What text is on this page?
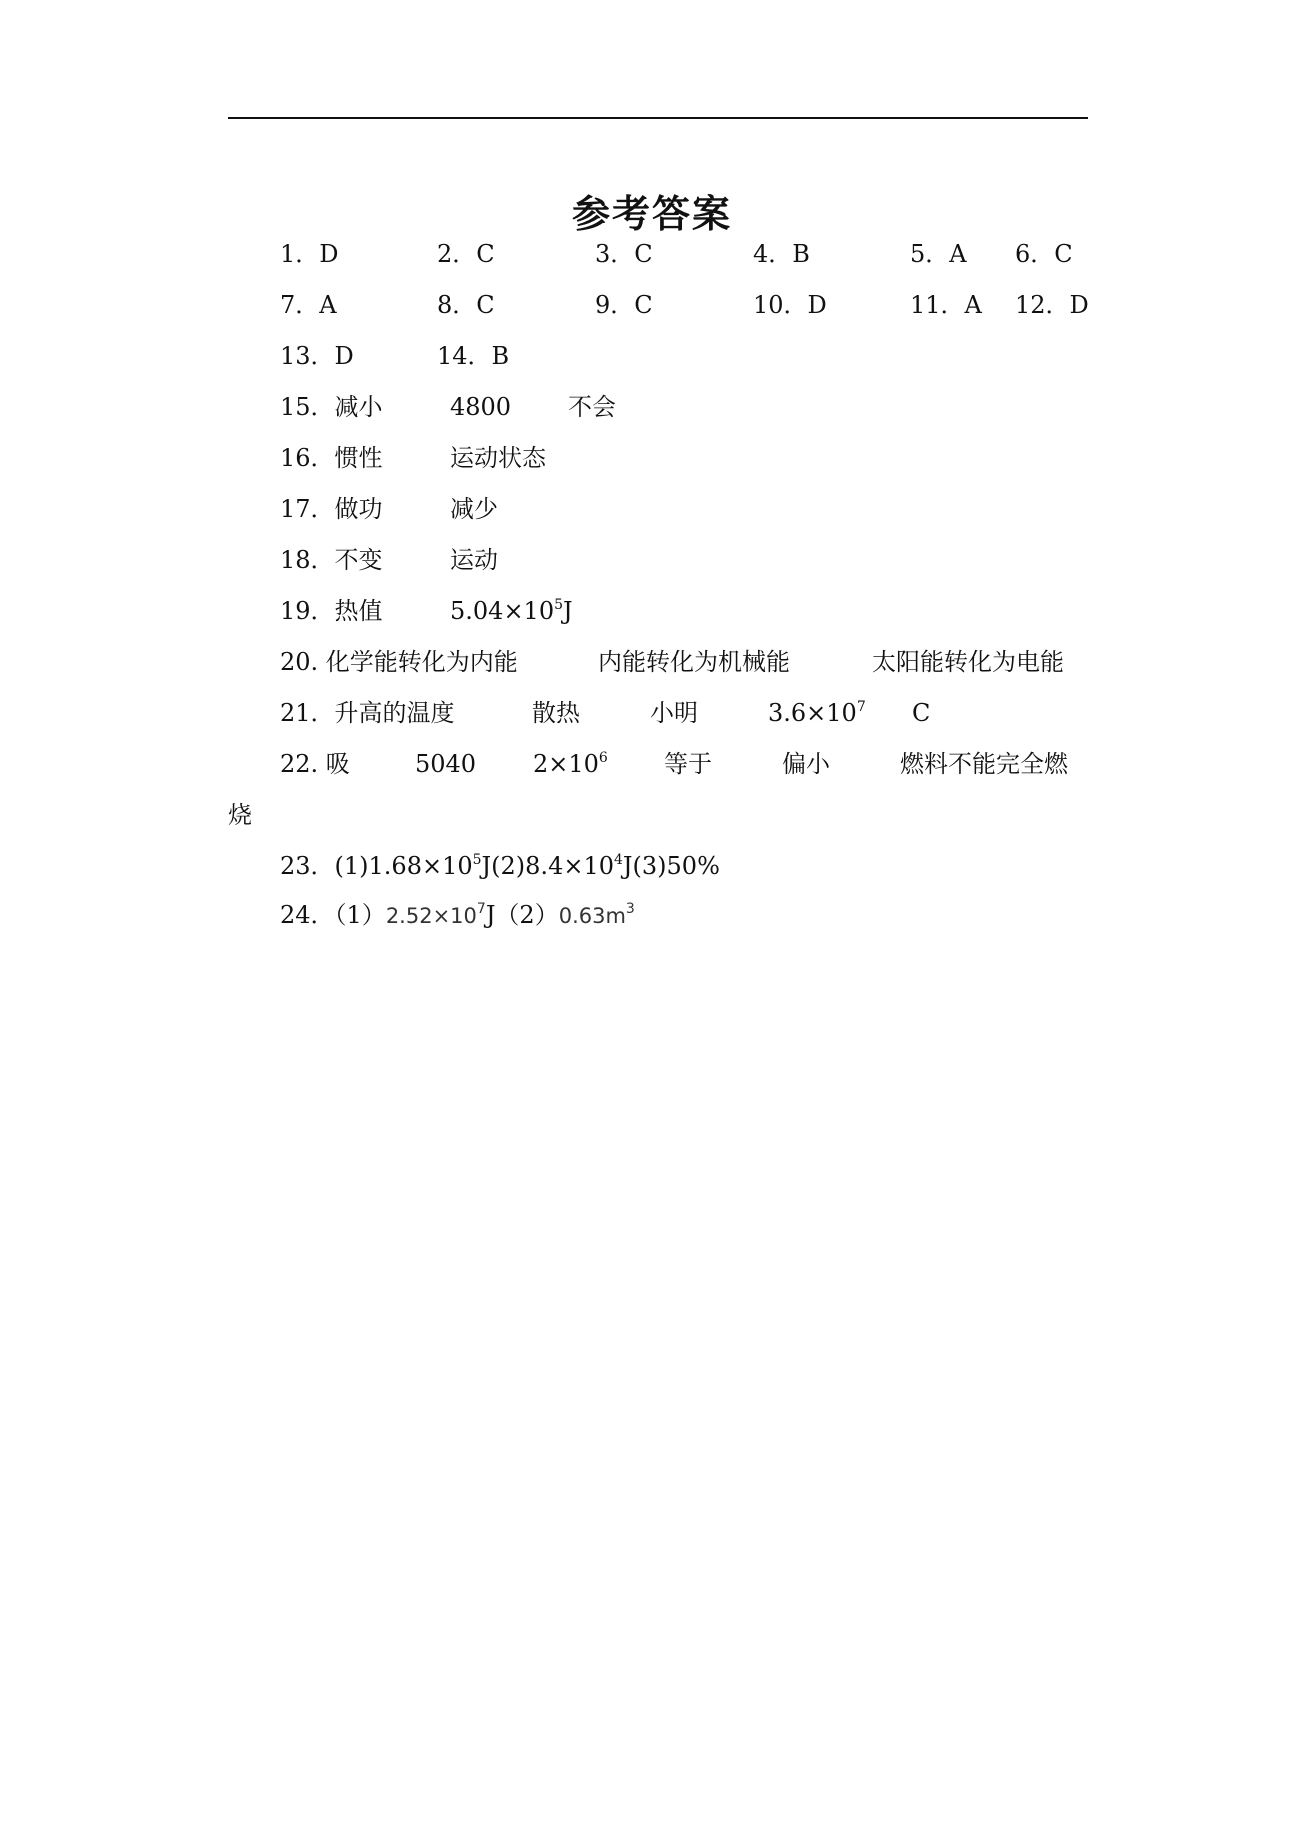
参考答案
1．D	2．C	3．C	4．B	5．A 6．C
7．A	8．C	9．C	10．D	11．A 12．D
13．D	14．B
15．减小	4800 不会
16．惯性	运动状态
17．做功	减少
18．不变	运动
19．热值	$5.04\times 10^5J$
20. 化学能转化为内能	内能转化为机械能	太阳能转化为电能
21．升高的温度	散热	小明	$3.6\times 10^7$ C
22. 吸	5040 $2\times 10^6$ 等于	偏小	燃料不能完全燃
烧
23．$(1)1.68\times 10^5J(2)8.4\times 10^4J(3)50\%$
24．$(1)2.52\times 10^7J(2)0.63m^3$
